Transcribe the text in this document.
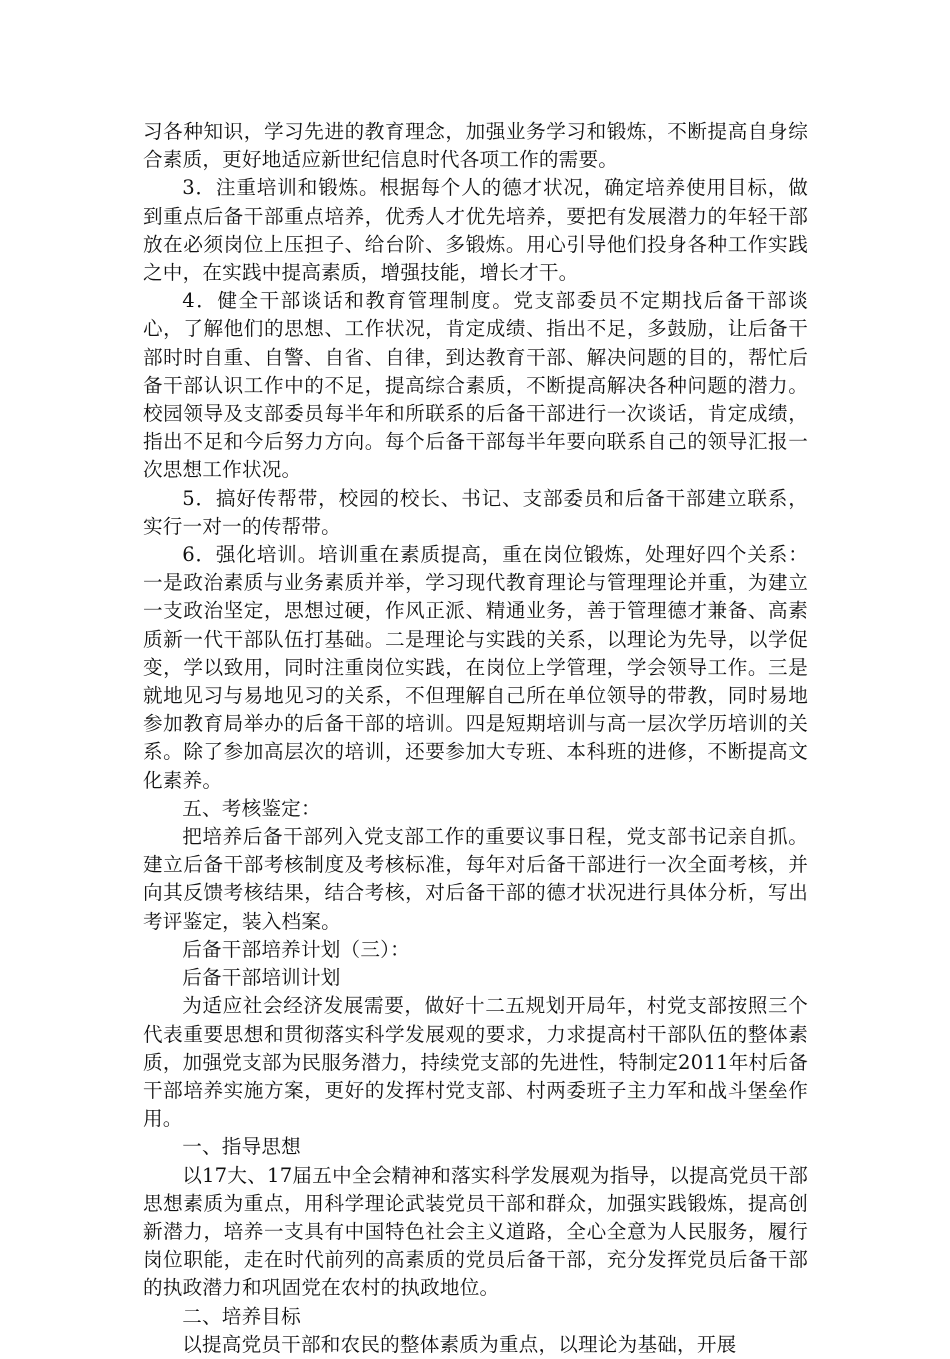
习各种知识，学习先进的教育理念，加强业务学习和锻炼，不断提高自身综合素质，更好地适应新世纪信息时代各项工作的需要。

3．注重培训和锻炼。根据每个人的德才状况，确定培养使用目标，做到重点后备干部重点培养，优秀人才优先培养，要把有发展潜力的年轻干部放在必须岗位上压担子、给台阶、多锻炼。用心引导他们投身各种工作实践之中，在实践中提高素质，增强技能，增长才干。

4．健全干部谈话和教育管理制度。党支部委员不定期找后备干部谈心，了解他们的思想、工作状况，肯定成绩、指出不足，多鼓励，让后备干部时时自重、自警、自省、自律，到达教育干部、解决问题的目的，帮忙后备干部认识工作中的不足，提高综合素质，不断提高解决各种问题的潜力。校园领导及支部委员每半年和所联系的后备干部进行一次谈话，肯定成绩，指出不足和今后努力方向。每个后备干部每半年要向联系自己的领导汇报一次思想工作状况。

5．搞好传帮带，校园的校长、书记、支部委员和后备干部建立联系，实行一对一的传帮带。

6．强化培训。培训重在素质提高，重在岗位锻炼，处理好四个关系：一是政治素质与业务素质并举，学习现代教育理论与管理理论并重，为建立一支政治坚定，思想过硬，作风正派、精通业务，善于管理德才兼备、高素质新一代干部队伍打基础。二是理论与实践的关系，以理论为先导，以学促变，学以致用，同时注重岗位实践，在岗位上学管理，学会领导工作。三是就地见习与易地见习的关系，不但理解自己所在单位领导的带教，同时易地参加教育局举办的后备干部的培训。四是短期培训与高一层次学历培训的关系。除了参加高层次的培训，还要参加大专班、本科班的进修，不断提高文化素养。

五、考核鉴定：

把培养后备干部列入党支部工作的重要议事日程，党支部书记亲自抓。建立后备干部考核制度及考核标准，每年对后备干部进行一次全面考核，并向其反馈考核结果，结合考核，对后备干部的德才状况进行具体分析，写出考评鉴定，装入档案。

后备干部培养计划（三）：

后备干部培训计划

为适应社会经济发展需要，做好十二五规划开局年，村党支部按照三个代表重要思想和贯彻落实科学发展观的要求，力求提高村干部队伍的整体素质，加强党支部为民服务潜力，持续党支部的先进性，特制定2011年村后备干部培养实施方案，更好的发挥村党支部、村两委班子主力军和战斗堡垒作用。

一、指导思想

以17大、17届五中全会精神和落实科学发展观为指导，以提高党员干部思想素质为重点，用科学理论武装党员干部和群众，加强实践锻炼，提高创新潜力，培养一支具有中国特色社会主义道路，全心全意为人民服务，履行岗位职能，走在时代前列的高素质的党员后备干部，充分发挥党员后备干部的执政潜力和巩固党在农村的执政地位。

二、培养目标

以提高党员干部和农民的整体素质为重点，以理论为基础，开展
